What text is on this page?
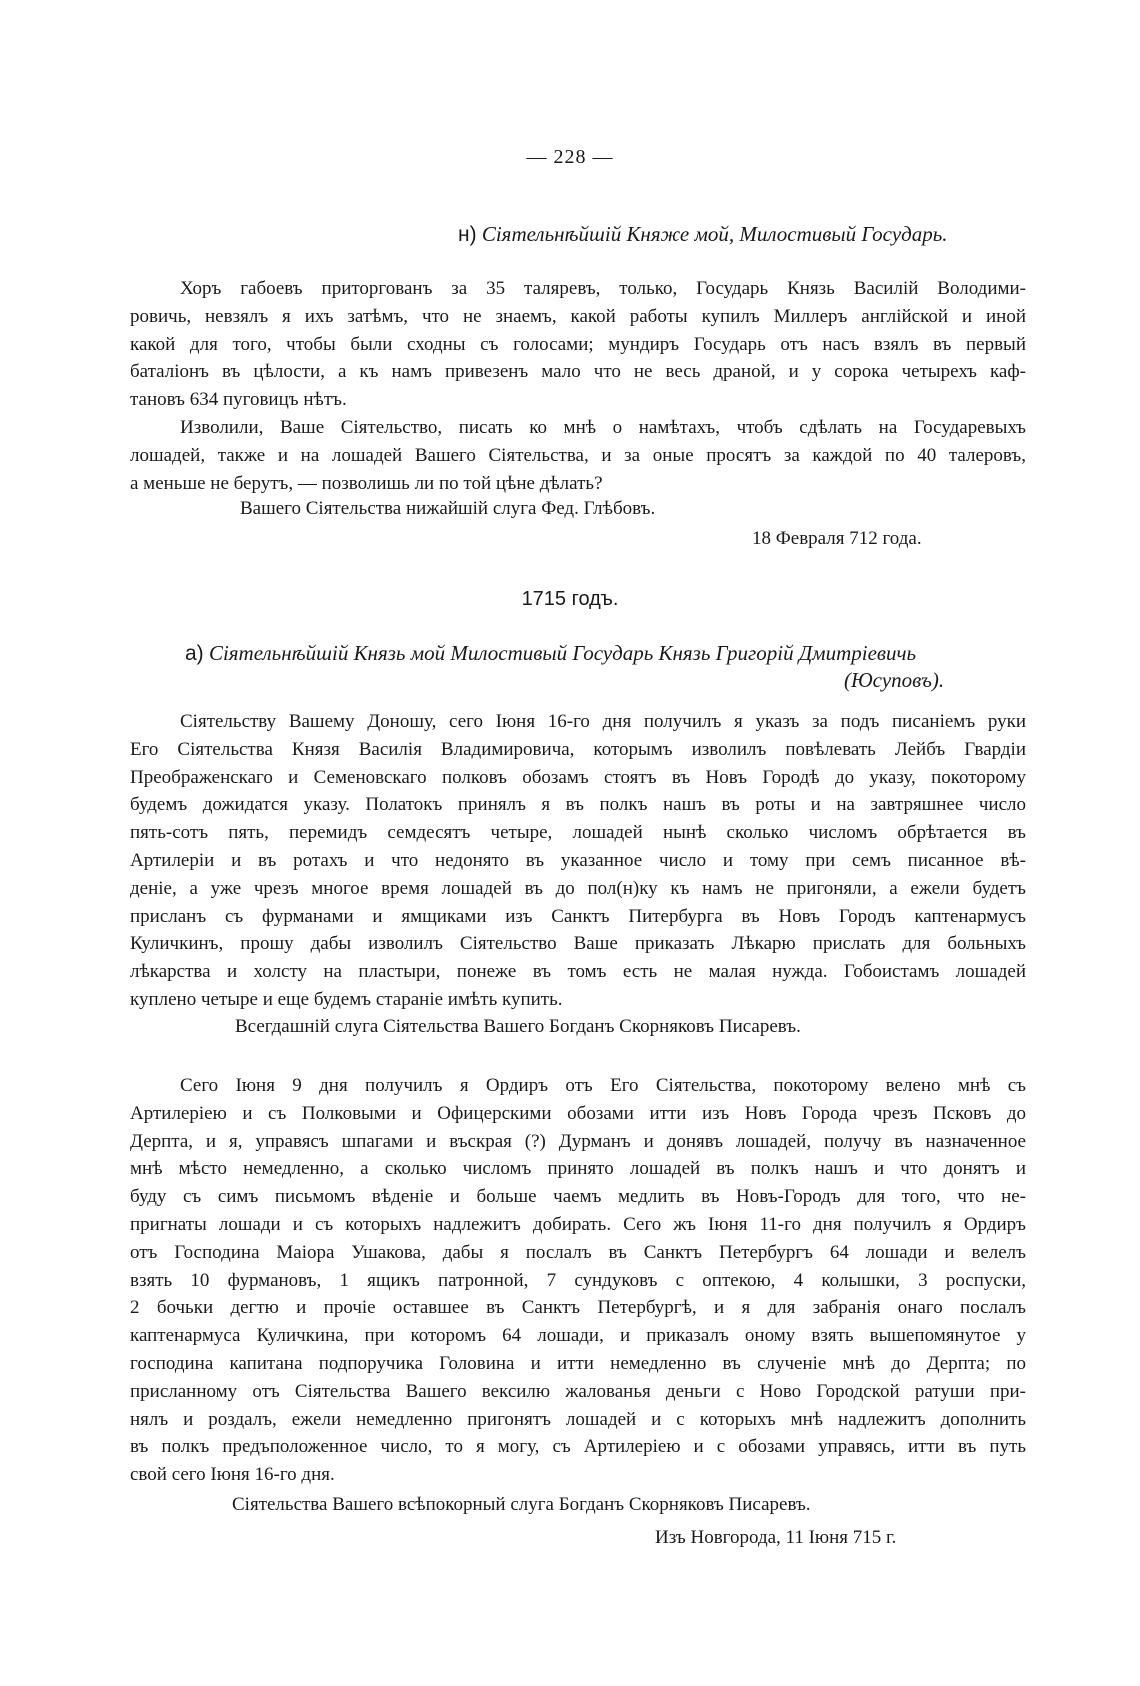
— 228 —
н) Сіятельнѣйшій Княже мой, Милостивый Государь.
Хоръ габоевъ приторгованъ за 35 таляревъ, только, Государь Князь Василій Володими-
ровичь, невзялъ я ихъ затѣмъ, что не знаемъ, какой работы купилъ Миллеръ англійской и иной
какой для того, чтобы были сходны съ голосами; мундиръ Государь отъ насъ взялъ въ первый
баталіонъ въ цѣлости, а къ намъ привезенъ мало что не весь драной, и у сорока четырехъ каф-
тановъ 634 пуговицъ нѣтъ.
Изволили, Ваше Сіятельство, писать ко мнѣ о намѣтахъ, чтобъ сдѣлать на Государевыхъ
лошадей, также и на лошадей Вашего Сіятельства, и за оные просятъ за каждой по 40 талеровъ,
а меньше не берутъ, — позволишь ли по той цѣне дѣлать?
Вашего Сіятельства нижайшій слуга Фед. Глѣбовъ.
18 Февраля 712 года.
1715 годъ.
а) Сіятельнѣйшій Князь мой Милостивый Государь Князь Григорій Дмитріевичь
(Юсуповъ).
Сіятельству Вашему Доношу, сего Іюня 16-го дня получилъ я указъ за подъ писаніемъ руки
Его Сіятельства Князя Василія Владимировича, которымъ изволилъ повѣлевать Лейбъ Гвардіи
Преображенскаго и Семеновскаго полковъ обозамъ стоятъ въ Новъ Городѣ до указу, покоторому
будемъ дожидатся указу. Полатокъ принялъ я въ полкъ нашъ въ роты и на завтряшнее число
пять-сотъ пять, перемидъ семдесятъ четыре, лошадей нынѣ сколько числомъ обрѣтается въ
Артилеріи и въ ротахъ и что недонято въ указанное число и тому при семъ писанное вѣ-
деніе, а уже чрезъ многое время лошадей въ до пол(н)ку къ намъ не пригоняли, а ежели будетъ
присланъ съ фурманами и ямщиками изъ Санктъ Питербурга въ Новъ Городъ каптенармусъ
Куличкинъ, прошу дабы изволилъ Сіятельство Ваше приказать Лѣкарю прислать для больныхъ
лѣкарства и холсту на пластыри, понеже въ томъ есть не малая нужда. Гобоистамъ лошадей
куплено четыре и еще будемъ стараніе имѣть купить.
Всегдашній слуга Сіятельства Вашего Богданъ Скорняковъ Писаревъ.
Сего Іюня 9 дня получилъ я Ордиръ отъ Его Сіятельства, покоторому велено мнѣ съ
Артилеріею и съ Полковыми и Офицерскими обозами итти изъ Новъ Города чрезъ Псковъ до
Дерпта, и я, управясъ шпагами и въскрая (?) Дурманъ и донявъ лошадей, получу въ назначенное
мнѣ мѣсто немедленно, а сколько числомъ принято лошадей въ полкъ нашъ и что донятъ и
буду съ симъ письмомъ вѣденіе и больше чаемъ медлить въ Новъ-Городъ для того, что не-
пригнаты лошади и съ которыхъ надлежитъ добирать. Сего жъ Іюня 11-го дня получилъ я Ордиръ
отъ Господина Маіора Ушакова, дабы я послалъ въ Санктъ Петербургъ 64 лошади и велелъ
взять 10 фурмановъ, 1 ящикъ патронной, 7 сундуковъ с оптекою, 4 колышки, 3 роспуски,
2 бочьки дегтю и прочіе оставшее въ Санктъ Петербургѣ, и я для забранія онаго послалъ
каптенармуса Куличкина, при которомъ 64 лошади, и приказалъ оному взять вышепомянутое у
господина капитана подпоручика Головина и итти немедленно въ слученіе мнѣ до Дерпта; по
присланному отъ Сіятельства Вашего вексилю жалованья деньги с Ново Городской ратуши при-
нялъ и роздалъ, ежели немедленно пригонятъ лошадей и с которыхъ мнѣ надлежитъ дополнить
въ полкъ предъположенное число, то я могу, съ Артилеріею и с обозами управясь, итти въ путь
свой сего Іюня 16-го дня.
Сіятельства Вашего всѣпокорный слуга Богданъ Скорняковъ Писаревъ.
Изъ Новгорода, 11 Іюня 715 г.
